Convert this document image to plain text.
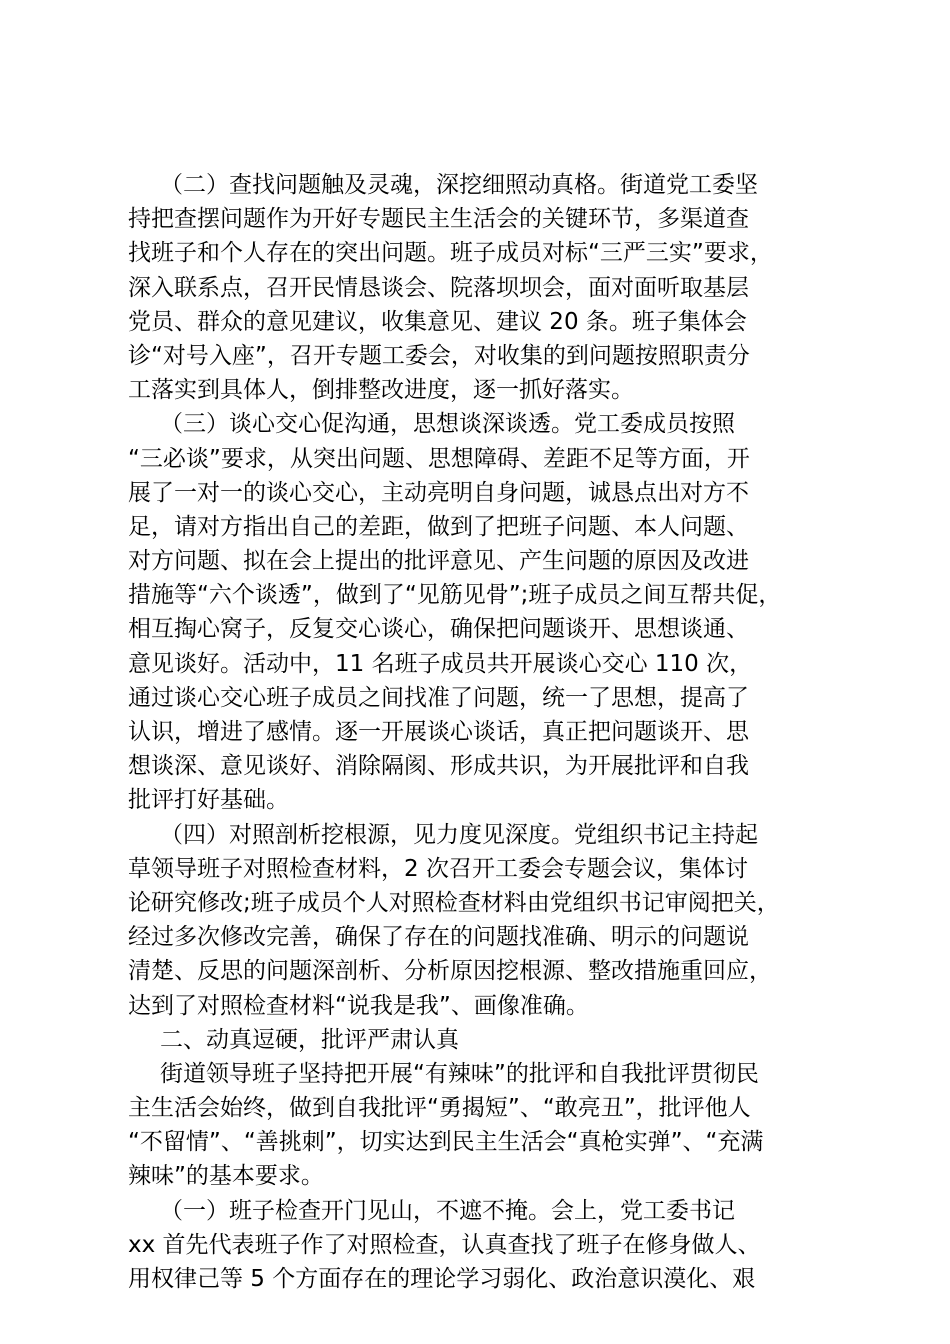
（二）查找问题触及灵魂，深挖细照动真格。街道党工委坚
持把查摆问题作为开好专题民主生活会的关键环节，多渠道查
找班子和个人存在的突出问题。班子成员对标“三严三实”要求，
深入联系点，召开民情恳谈会、院落坝坝会，面对面听取基层
党员、群众的意见建议，收集意见、建议 20 条。班子集体会
诊“对号入座”，召开专题工委会，对收集的到问题按照职责分
工落实到具体人，倒排整改进度，逐一抓好落实。
（三）谈心交心促沟通，思想谈深谈透。党工委成员按照
“三必谈”要求，从突出问题、思想障碍、差距不足等方面，开
展了一对一的谈心交心，主动亮明自身问题，诚恳点出对方不
足，请对方指出自己的差距，做到了把班子问题、本人问题、
对方问题、拟在会上提出的批评意见、产生问题的原因及改进
措施等“六个谈透”，做到了“见筋见骨”;班子成员之间互帮共促，
相互掏心窝子，反复交心谈心，确保把问题谈开、思想谈通、
意见谈好。活动中，11 名班子成员共开展谈心交心 110 次，
通过谈心交心班子成员之间找准了问题，统一了思想，提高了
认识，增进了感情。逐一开展谈心谈话，真正把问题谈开、思
想谈深、意见谈好、消除隔阂、形成共识，为开展批评和自我
批评打好基础。
（四）对照剖析挖根源，见力度见深度。党组织书记主持起
草领导班子对照检查材料，2 次召开工委会专题会议，集体讨
论研究修改;班子成员个人对照检查材料由党组织书记审阅把关，
经过多次修改完善，确保了存在的问题找准确、明示的问题说
清楚、反思的问题深剖析、分析原因挖根源、整改措施重回应，
达到了对照检查材料“说我是我”、画像准确。
二、动真逗硬，批评严肃认真
街道领导班子坚持把开展“有辣味”的批评和自我批评贯彻民
主生活会始终，做到自我批评“勇揭短”、“敢亮丑”，批评他人
“不留情”、“善挑刺”，切实达到民主生活会“真枪实弹”、“充满
辣味”的基本要求。
（一）班子检查开门见山，不遮不掩。会上，党工委书记
xx 首先代表班子作了对照检查，认真查找了班子在修身做人、
用权律己等 5 个方面存在的理论学习弱化、政治意识漠化、艰
